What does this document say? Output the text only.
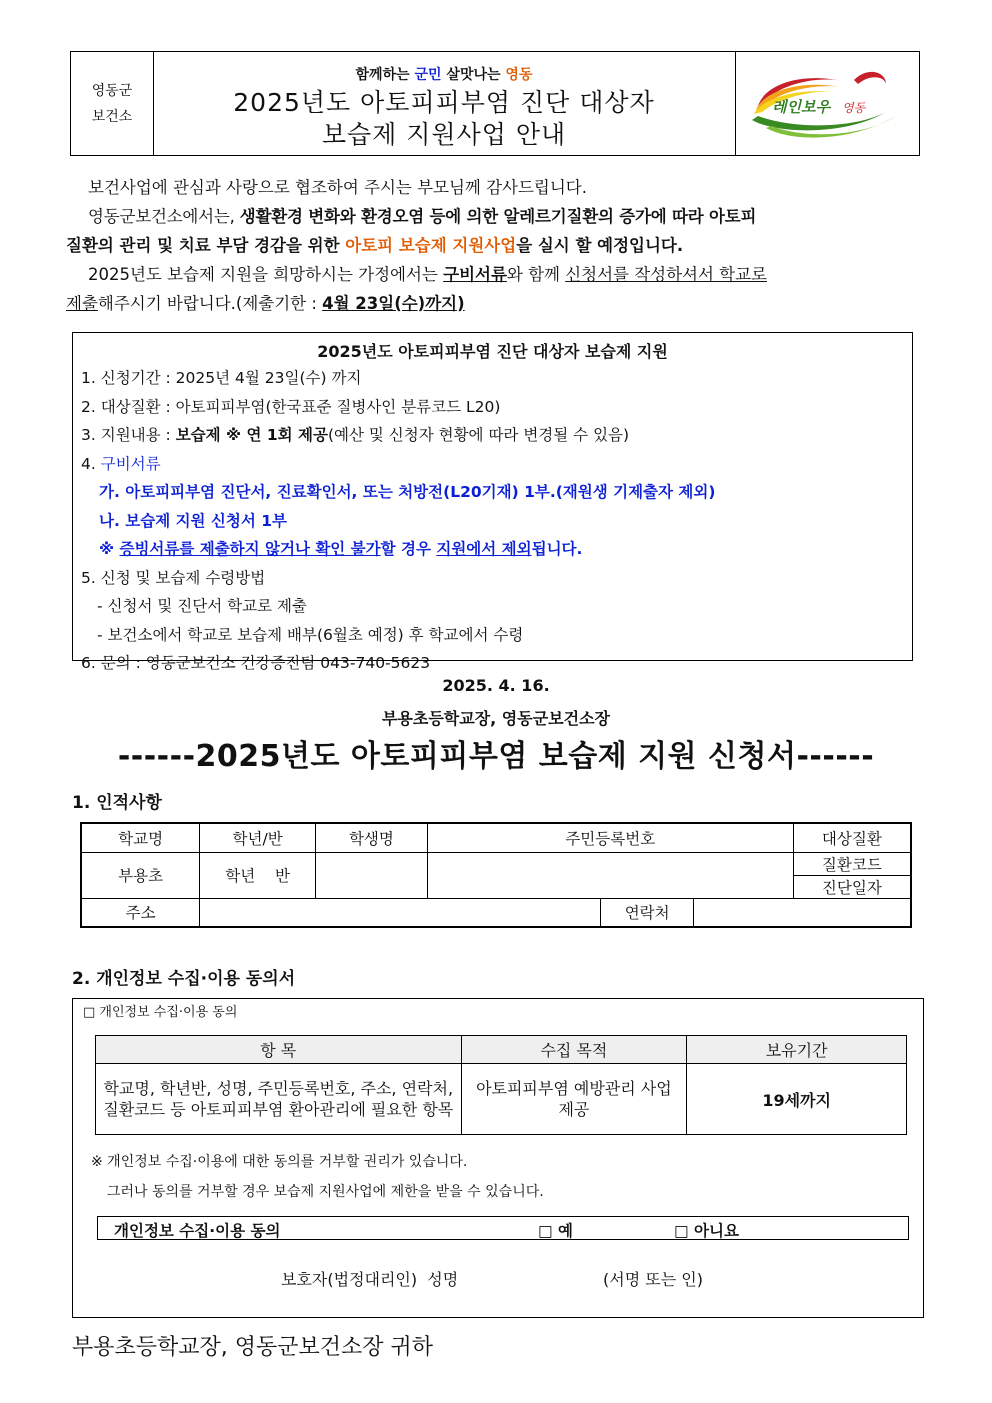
영동군
보건소
함께하는 군민 살맛나는 영동
2025년도 아토피피부염 진단 대상자
보습제 지원사업 안내
레인보우 영동
보건사업에 관심과 사랑으로 협조하여 주시는 부모님께 감사드립니다.
영동군보건소에서는, 생활환경 변화와 환경오염 등에 의한 알레르기질환의 증가에 따라 아토피
질환의 관리 및 치료 부담 경감을 위한 아토피 보습제 지원사업을 실시 할 예정입니다.
2025년도 보습제 지원을 희망하시는 가정에서는 구비서류와 함께 신청서를 작성하셔서 학교로
제출해주시기 바랍니다.(제출기한 : 4월 23일(수)까지)
2025년도 아토피피부염 진단 대상자 보습제 지원
1. 신청기간 : 2025년 4월 23일(수) 까지
2. 대상질환 : 아토피피부염(한국표준 질병사인 분류코드 L20)
3. 지원내용 : 보습제 ※ 연 1회 제공(예산 및 신청자 현황에 따라 변경될 수 있음)
4. 구비서류
가. 아토피피부염 진단서, 진료확인서, 또는 처방전(L20기재) 1부.(재원생 기제출자 제외)
나. 보습제 지원 신청서 1부
※ 증빙서류를 제출하지 않거나 확인 불가할 경우 지원에서 제외됩니다.
5. 신청 및 보습제 수령방법
- 신청서 및 진단서 학교로 제출
- 보건소에서 학교로 보습제 배부(6월초 예정) 후 학교에서 수령
6. 문의 : 영동군보건소 건강증진팀 043-740-5623
2025. 4. 16.
부용초등학교장, 영동군보건소장
------2025년도 아토피피부염 보습제 지원 신청서------
1. 인적사항
학교명	학년/반	학생명	주민등록번호			대상질환
부용초	학년    반					질환코드
						진단일자
주소				연락처		
2. 개인정보 수집·이용 동의서
□ 개인정보 수집·이용 동의
항 목	수집 목적	보유기간
학교명, 학년반, 성명, 주민등록번호, 주소, 연락처, 질환코드 등 아토피피부염 환아관리에 필요한 항목	아토피피부염 예방관리 사업 제공	19세까지
※ 개인정보 수집·이용에 대한 동의를 거부할 권리가 있습니다.
그러나 동의를 거부할 경우 보습제 지원사업에 제한을 받을 수 있습니다.
개인정보 수집·이용 동의	□ 예	□ 아니요
보호자(법정대리인)  성명	(서명 또는 인)
부용초등학교장, 영동군보건소장 귀하
